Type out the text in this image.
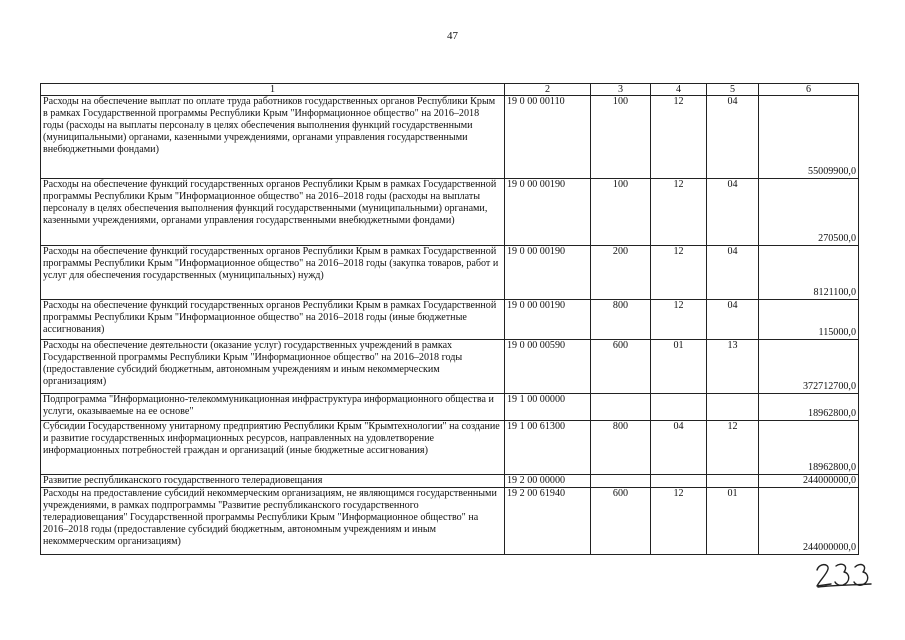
47
1	2	3	4	5	6
Расходы на обеспечение выплат по оплате труда работников государственных органов Республики Крым в рамках Государственной программы Республики Крым "Информационное общество" на 2016–2018 годы (расходы на выплаты персоналу в целях обеспечения выполнения функций государственными (муниципальными) органами, казенными учреждениями, органами управления государственными внебюджетными фондами)	19 0 00 00110	100	12	04	55009900,0
Расходы на обеспечение функций государственных органов Республики Крым в рамках Государственной программы Республики Крым "Информационное общество" на 2016–2018 годы (расходы на выплаты персоналу в целях обеспечения выполнения функций государственными (муниципальными) органами, казенными учреждениями, органами управления государственными внебюджетными фондами)	19 0 00 00190	100	12	04	270500,0
Расходы на обеспечение функций государственных органов Республики Крым в рамках Государственной программы Республики Крым "Информационное общество" на 2016–2018 годы (закупка товаров, работ и услуг для обеспечения государственных (муниципальных) нужд)	19 0 00 00190	200	12	04	8121100,0
Расходы на обеспечение функций государственных органов Республики Крым в рамках Государственной программы Республики Крым "Информационное общество" на 2016–2018 годы (иные бюджетные ассигнования)	19 0 00 00190	800	12	04	115000,0
Расходы на обеспечение деятельности (оказание услуг) государственных учреждений в рамках Государственной программы Республики Крым "Информационное общество" на 2016–2018 годы (предоставление субсидий бюджетным, автономным учреждениям и иным некоммерческим организациям)	19 0 00 00590	600	01	13	372712700,0
Подпрограмма "Информационно-телекоммуникационная инфраструктура информационного общества и услуги, оказываемые на ее основе"	19 1 00 00000				18962800,0
Субсидии Государственному унитарному предприятию Республики Крым "Крымтехнологии" на создание и развитие государственных информационных ресурсов, направленных на удовлетворение информационных потребностей граждан и организаций (иные бюджетные ассигнования)	19 1 00 61300	800	04	12	18962800,0
Развитие республиканского государственного телерадиовещания	19 2 00 00000				244000000,0
Расходы на предоставление субсидий некоммерческим организациям, не являющимся государственными учреждениями, в рамках подпрограммы "Развитие республиканского государственного телерадиовещания" Государственной программы Республики Крым "Информационное общество" на 2016–2018 годы (предоставление субсидий бюджетным, автономным учреждениям и иным некоммерческим организациям)	19 2 00 61940	600	12	01	244000000,0
